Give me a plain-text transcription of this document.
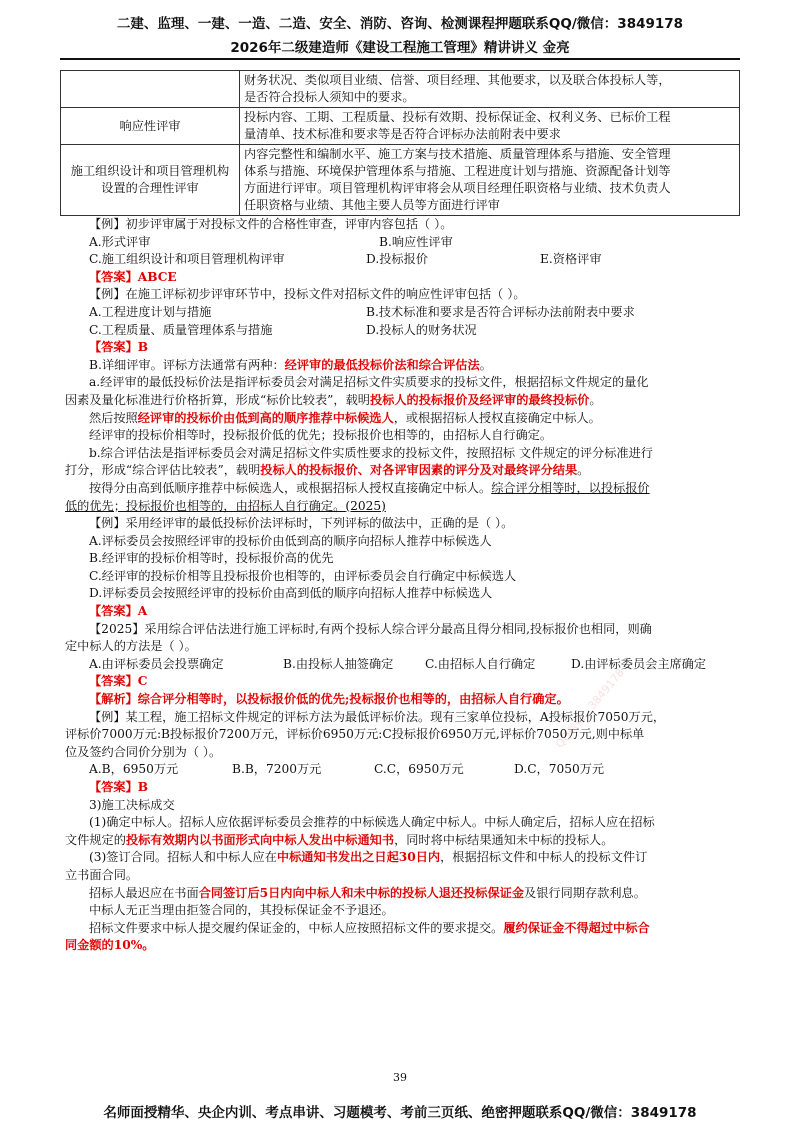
二建、监理、一建、一造、二造、安全、消防、咨询、检测课程押题联系QQ/微信：3849178
2026年二级建造师《建设工程施工管理》精讲讲义 金亮

	财务状况、类似项目业绩、信誉、项目经理、其他要求，以及联合体投标人等，
是否符合投标人须知中的要求。

响应性评审	投标内容、工期、工程质量、投标有效期、投标保证金、权利义务、已标价工程
量清单、技术标准和要求等是否符合评标办法前附表中要求

施工组织设计和项目管理机构设置的合理性评审	内容完整性和编制水平、施工方案与技术措施、质量管理体系与措施、安全管理
体系与措施、环境保护管理体系与措施、工程进度计划与措施、资源配备计划等
方面进行评审。项目管理机构评审将会从项目经理任职资格与业绩、技术负责人
任职资格与业绩、其他主要人员等方面进行评审

【例】初步评审属于对投标文件的合格性审查，评审内容包括（ ）。

A.形式评审	B.响应性评审
C.施工组织设计和项目管理机构评审	D.投标报价	E.资格评审

【答案】ABCE

【例】在施工评标初步评审环节中，投标文件对招标文件的响应性评审包括（ ）。

A.工程进度计划与措施	B.技术标准和要求是否符合评标办法前附表中要求
C.工程质量、质量管理体系与措施	D.投标人的财务状况

【答案】B

B.详细评审。评标方法通常有两种：经评审的最低投标价法和综合评估法。

a.经评审的最低投标价法是指评标委员会对满足招标文件实质要求的投标文件，根据招标文件规定的量化

因素及量化标准进行价格折算，形成“标价比较表”，载明投标人的投标报价及经评审的最终投标价。

然后按照经评审的投标价由低到高的顺序推荐中标候选人，或根据招标人授权直接确定中标人。

经评审的投标价相等时，投标报价低的优先；投标报价也相等的，由招标人自行确定。

b.综合评估法是指评标委员会对满足招标文件实质性要求的投标文件，按照招标 文件规定的评分标准进行

打分，形成“综合评估比较表”，载明投标人的投标报价、对各评审因素的评分及对最终评分结果。

按得分由高到低顺序推荐中标候选人，或根据招标人授权直接确定中标人。综合评分相等时，以投标报价

低的优先；投标报价也相等的，由招标人自行确定。(2025)

【例】采用经评审的最低投标价法评标时，下列评标的做法中，正确的是（ ）。

A.评标委员会按照经评审的投标价由低到高的顺序向招标人推荐中标候选人

B.经评审的投标价相等时，投标报价高的优先

C.经评审的投标价相等且投标报价也相等的，由评标委员会自行确定中标候选人

D.评标委员会按照经评审的投标价由高到低的顺序向招标人推荐中标候选人

【答案】A

【2025】采用综合评估法进行施工评标时,有两个投标人综合评分最高且得分相同,投标报价也相同，则确

定中标人的方法是（ ）。

A.由评标委员会投票确定	B.由投标人抽签确定	C.由招标人自行确定	D.由评标委员会主席确定

【答案】C

【解析】综合评分相等时，以投标报价低的优先;投标报价也相等的，由招标人自行确定。

【例】某工程，施工招标文件规定的评标方法为最低评标价法。现有三家单位投标，A投标报价7050万元，

评标价7000万元:B投标报价7200万元，评标价6950万元:C投标报价6950万元,评标价7050万元,则中标单

位及签约合同价分别为（ ）。

A.B，6950万元	B.B，7200万元	C.C，6950万元	D.C，7050万元

【答案】B

3)施工决标成交

(1)确定中标人。招标人应依据评标委员会推荐的中标候选人确定中标人。中标人确定后，招标人应在招标

文件规定的投标有效期内以书面形式向中标人发出中标通知书，同时将中标结果通知未中标的投标人。

(3)签订合同。招标人和中标人应在中标通知书发出之日起30日内，根据招标文件和中标人的投标文件订

立书面合同。

招标人最迟应在书面合同签订后5日内向中标人和未中标的投标人退还投标保证金及银行同期存款利息。

中标人无正当理由拒签合同的，其投标保证金不予退还。

招标文件要求中标人提交履约保证金的，中标人应按照招标文件的要求提交。履约保证金不得超过中标合

同金额的10%。

QQ微信：3849178
QQ微信：3849178
39
名师面授精华、央企内训、考点串讲、习题模考、考前三页纸、绝密押题联系QQ/微信：3849178
